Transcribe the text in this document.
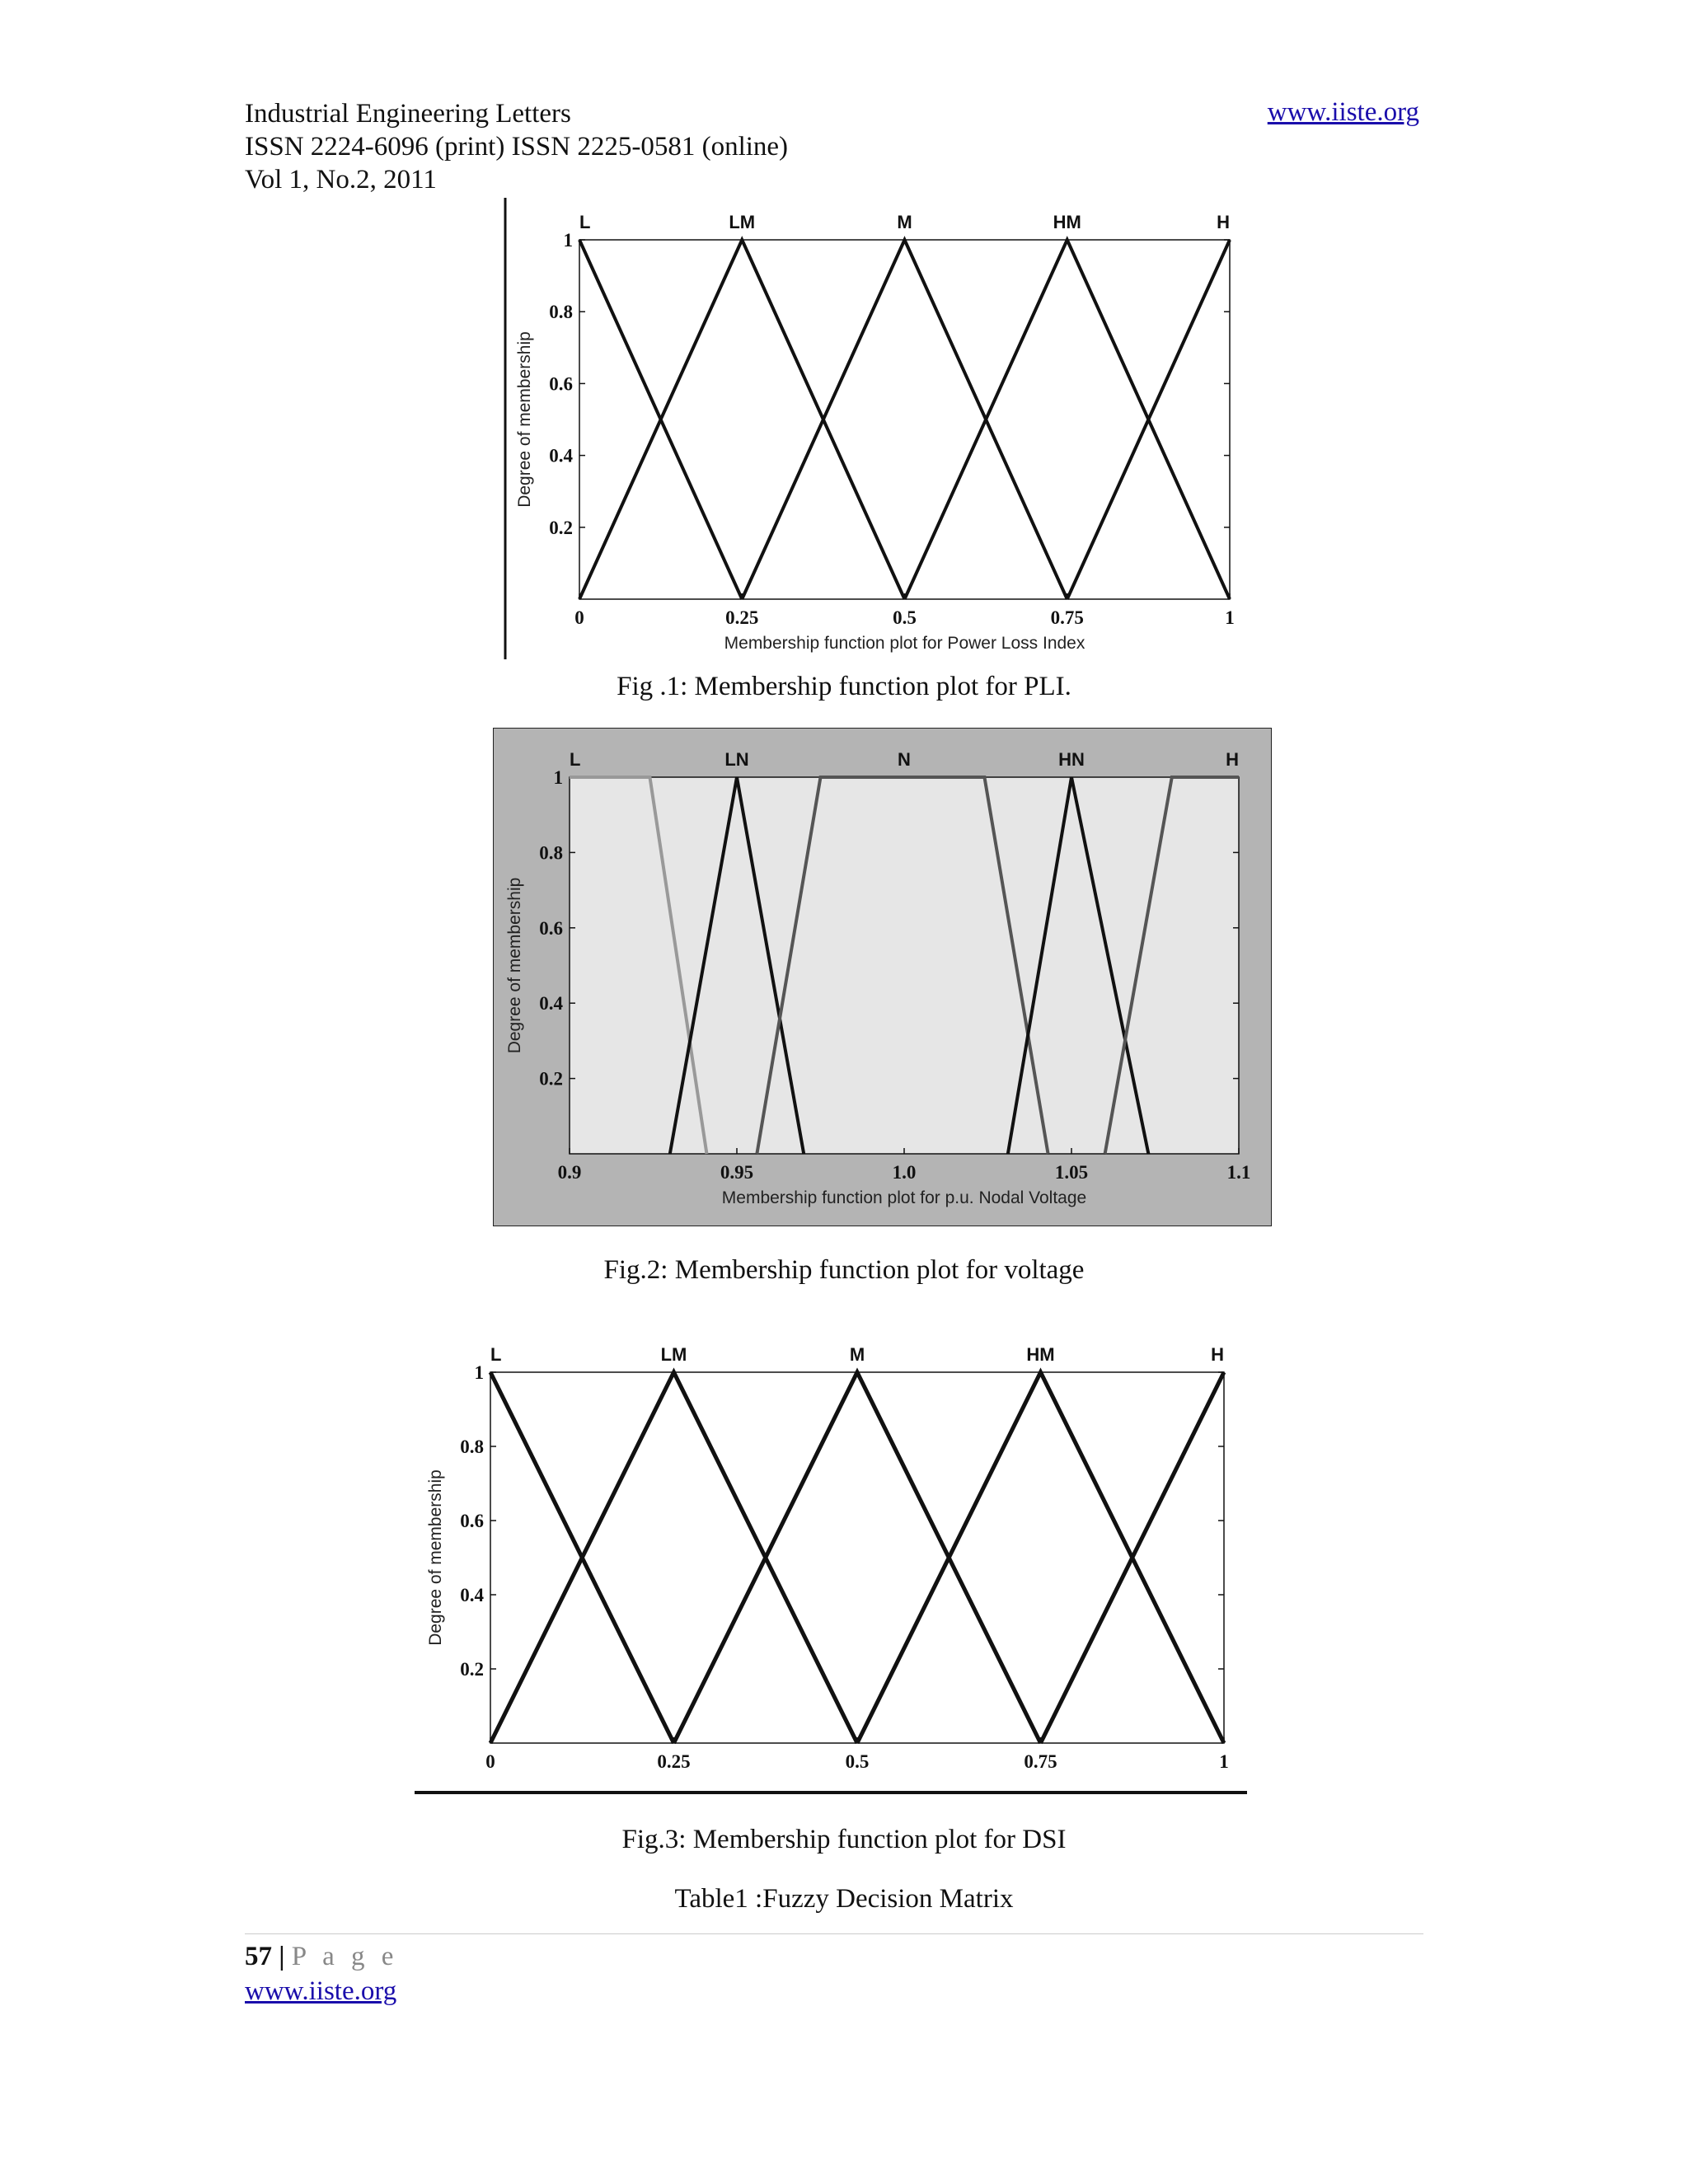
Industrial Engineering Letters
ISSN 2224-6096 (print) ISSN 2225-0581 (online)
Vol 1, No.2, 2011
www.iiste.org
0.2
0.4
0.6
0.8
1
0	0.25	0.5	0.75	1
L	LM	M	HM	H
Degree of membership
Membership function plot for Power Loss Index
Fig .1: Membership function plot for PLI.
0.2
0.4
0.6
0.8
1
0.9	0.95	1.0	1.05	1.1
L	LN	N	HN	H
Degree of membership
Membership function plot for p.u. Nodal Voltage
Fig.2: Membership function plot for voltage
0.2
0.4
0.6
0.8
1
0	0.25	0.5	0.75	1
L	LM	M	HM	H
Degree of membership
Fig.3: Membership function plot for DSI
Table1 :Fuzzy Decision Matrix
57 | P a g e
www.iiste.org
